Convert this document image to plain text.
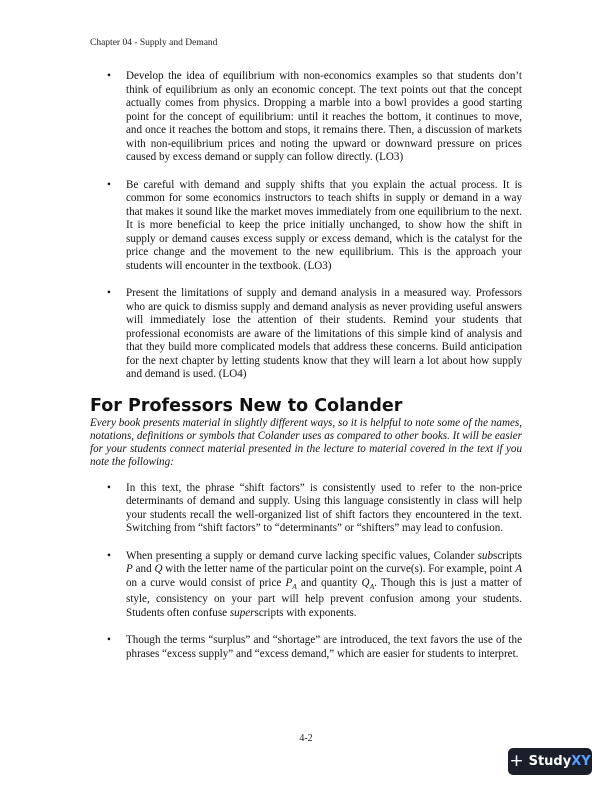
Chapter 04 - Supply and Demand
• Develop the idea of equilibrium with non-economics examples so that students don’t think of equilibrium as only an economic concept. The text points out that the concept actually comes from physics. Dropping a marble into a bowl provides a good starting point for the concept of equilibrium: until it reaches the bottom, it continues to move, and once it reaches the bottom and stops, it remains there. Then, a discussion of markets with non-equilibrium prices and noting the upward or downward pressure on prices caused by excess demand or supply can follow directly. (LO3)
• Be careful with demand and supply shifts that you explain the actual process. It is common for some economics instructors to teach shifts in supply or demand in a way that makes it sound like the market moves immediately from one equilibrium to the next. It is more beneficial to keep the price initially unchanged, to show how the shift in supply or demand causes excess supply or excess demand, which is the catalyst for the price change and the movement to the new equilibrium. This is the approach your students will encounter in the textbook. (LO3)
• Present the limitations of supply and demand analysis in a measured way. Professors who are quick to dismiss supply and demand analysis as never providing useful answers will immediately lose the attention of their students. Remind your students that professional economists are aware of the limitations of this simple kind of analysis and that they build more complicated models that address these concerns. Build anticipation for the next chapter by letting students know that they will learn a lot about how supply and demand is used. (LO4)
For Professors New to Colander
Every book presents material in slightly different ways, so it is helpful to note some of the names, notations, definitions or symbols that Colander uses as compared to other books. It will be easier for your students connect material presented in the lecture to material covered in the text if you note the following:
• In this text, the phrase “shift factors” is consistently used to refer to the non-price determinants of demand and supply. Using this language consistently in class will help your students recall the well-organized list of shift factors they encountered in the text. Switching from “shift factors” to “determinants” or “shifters” may lead to confusion.
• When presenting a supply or demand curve lacking specific values, Colander subscripts P and Q with the letter name of the particular point on the curve(s). For example, point A on a curve would consist of price $P_A$ and quantity $Q_A$. Though this is just a matter of style, consistency on your part will help prevent confusion among your students. Students often confuse superscripts with exponents.
• Though the terms “surplus” and “shortage” are introduced, the text favors the use of the phrases “excess supply” and “excess demand,” which are easier for students to interpret.
4-2
+ StudyXY
